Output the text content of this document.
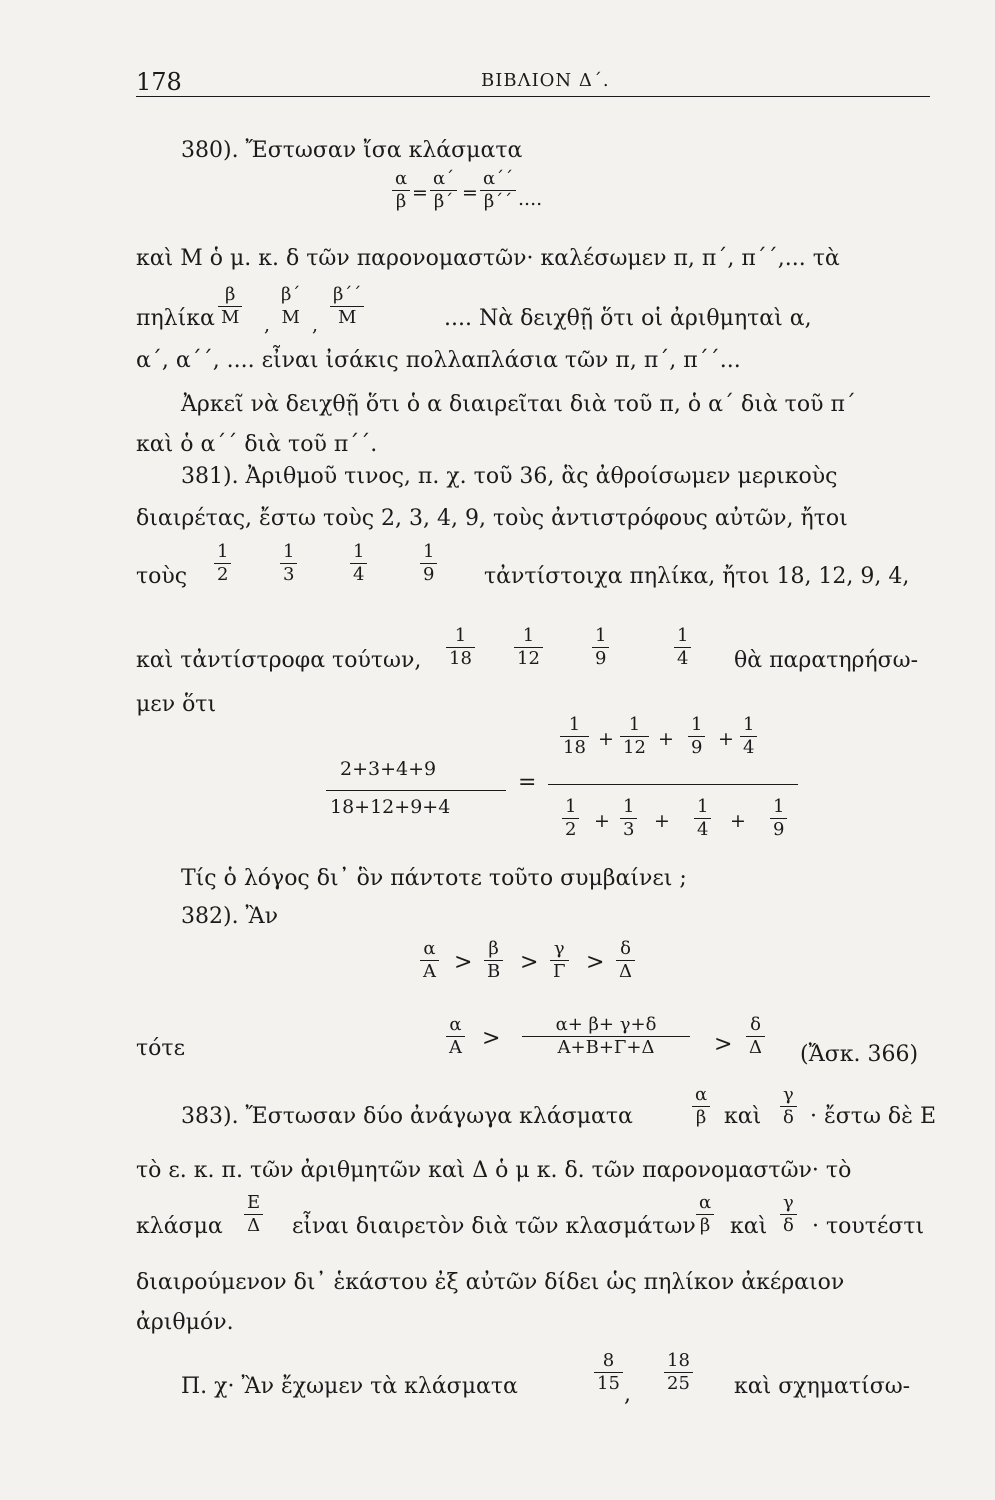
178	ΒΙΒΛΙΟΝ Δ΄.
380). Ἔστωσαν ἴσα κλάσματα
α
β =
α΄
β΄ =
α΄΄
β΄΄ ....
καὶ Μ ὁ μ. κ. δ τῶν παρονομαστῶν· καλέσωμεν π, π΄, π΄΄,... τὰ
πηλίκα
β
Μ ,
β΄
Μ ,
β΄΄
Μ	.... Νὰ δειχθῇ ὅτι οἱ ἀριθμηταὶ α,
α΄, α΄΄, .... εἶναι ἰσάκις πολλαπλάσια τῶν π, π΄, π΄΄...
Ἀρκεῖ νὰ δειχθῇ ὅτι ὁ α διαιρεῖται διὰ τοῦ π, ὁ α΄ διὰ τοῦ π΄
καὶ ὁ α΄΄ διὰ τοῦ π΄΄.
381). Ἀριθμοῦ τινος, π. χ. τοῦ 36, ἃς ἀθροίσωμεν μερικοὺς
διαιρέτας, ἔστω τοὺς 2, 3, 4, 9, τοὺς ἀντιστρόφους αὐτῶν, ἤτοι
τοὺς
1
2
1
3
1
4
1
9 τἀντίστοιχα πηλίκα, ἤτοι 18, 12, 9, 4,
καὶ τἀντίστροφα τούτων,
1
18
1
12
1
9
1
4 θὰ παρατηρήσω-
μεν ὅτι
2+3+4+9
18+12+9+4
=
1
18 +
1
12 +
1
9 +
1
4
1
2 +
1
3 +
1
4 +
1
9
Τίς ὁ λόγος δι᾿ ὃν πάντοτε τοῦτο συμβαίνει ;
382). Ἂν
α
Α >
β
Β >
γ
Γ >
δ
Δ
τότε
α
Α >
α+ β+ γ+δ
Α+Β+Γ+Δ	>
δ
Δ (Ἄσκ. 366)
383). Ἔστωσαν δύο ἀνάγωγα κλάσματα
α
β καὶ
γ
δ · ἔστω δὲ Ε
τὸ ε. κ. π. τῶν ἀριθμητῶν καὶ Δ ὁ μ κ. δ. τῶν παρονομαστῶν· τὸ
κλάσμα
Ε
Δ εἶναι διαιρετὸν διὰ τῶν κλασμάτων
α
β καὶ
γ
δ · τουτέστι
διαιρούμενον δι᾿ ἑκάστου ἐξ αὐτῶν δίδει ὡς πηλίκον ἀκέραιον
ἀριθμόν.
Π. χ· Ἂν ἔχωμεν τὰ κλάσματα
8
15 ,
18
25 καὶ σχηματίσω-
